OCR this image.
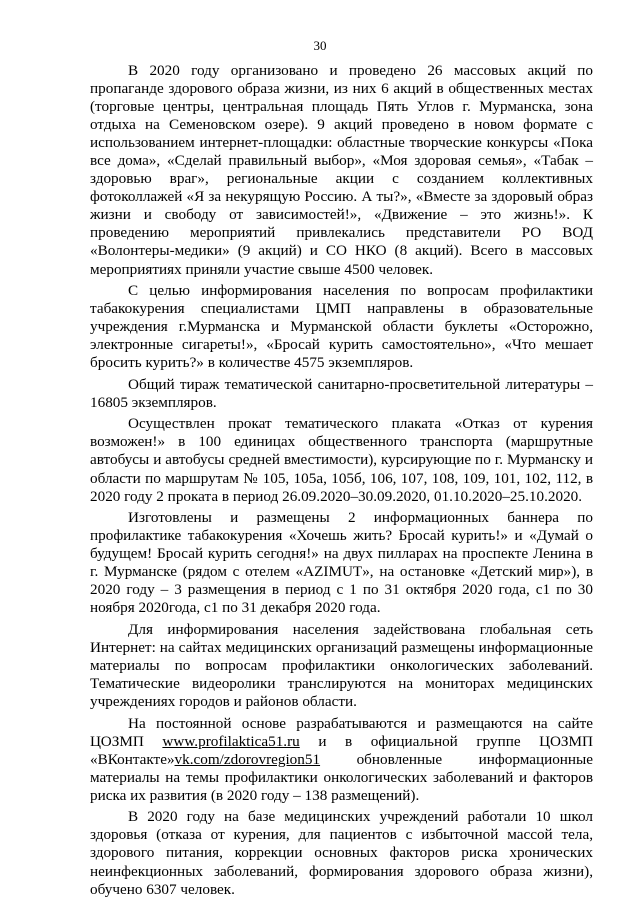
30

В 2020 году организовано и проведено 26 массовых акций по пропаганде здорового образа жизни, из них 6 акций в общественных местах (торговые центры, центральная площадь Пять Углов г. Мурманска, зона отдыха на Семеновском озере). 9 акций проведено в новом формате с использованием интернет-площадки: областные творческие конкурсы «Пока все дома», «Сделай правильный выбор», «Моя здоровая семья», «Табак – здоровью враг», региональные акции с созданием коллективных фотоколлажей «Я за некурящую Россию. А ты?», «Вместе за здоровый образ жизни и свободу от зависимостей!», «Движение – это жизнь!». К проведению мероприятий привлекались представители РО ВОД «Волонтеры-медики» (9 акций) и СО НКО (8 акций). Всего в массовых мероприятиях приняли участие свыше 4500 человек.

С целью информирования населения по вопросам профилактики табакокурения специалистами ЦМП направлены в образовательные учреждения г.Мурманска и Мурманской области буклеты «Осторожно, электронные сигареты!», «Бросай курить самостоятельно», «Что мешает бросить курить?» в количестве 4575 экземпляров.

Общий тираж тематической санитарно-просветительной литературы – 16805 экземпляров.

Осуществлен прокат тематического плаката «Отказ от курения возможен!» в 100 единицах общественного транспорта (маршрутные автобусы и автобусы средней вместимости), курсирующие по г. Мурманску и области по маршрутам № 105, 105а, 105б, 106, 107, 108, 109, 101, 102, 112, в 2020 году 2 проката в период 26.09.2020–30.09.2020, 01.10.2020–25.10.2020.

Изготовлены и размещены 2 информационных баннера по профилактике табакокурения «Хочешь жить? Бросай курить!» и «Думай о будущем! Бросай курить сегодня!» на двух пилларах на проспекте Ленина в г. Мурманске (рядом с отелем «AZIMUT», на остановке «Детский мир»), в 2020 году – 3 размещения в период с 1 по 31 октября 2020 года, с1 по 30 ноября 2020года, с1 по 31 декабря 2020 года.

Для информирования населения задействована глобальная сеть Интернет: на сайтах медицинских организаций размещены информационные материалы по вопросам профилактики онкологических заболеваний. Тематические видеоролики транслируются на мониторах медицинских учреждениях городов и районов области.

На постоянной основе разрабатываются и размещаются на сайте ЦОЗМП www.profilaktica51.ru и в официальной группе ЦОЗМП «ВКонтакте»vk.com/zdorovregion51 обновленные информационные материалы на темы профилактики онкологических заболеваний и факторов риска их развития (в 2020 году – 138 размещений).

В 2020 году на базе медицинских учреждений работали 10 школ здоровья (отказа от курения, для пациентов с избыточной массой тела, здорового питания, коррекции основных факторов риска хронических неинфекционных заболеваний, формирования здорового образа жизни), обучено 6307 человек.
